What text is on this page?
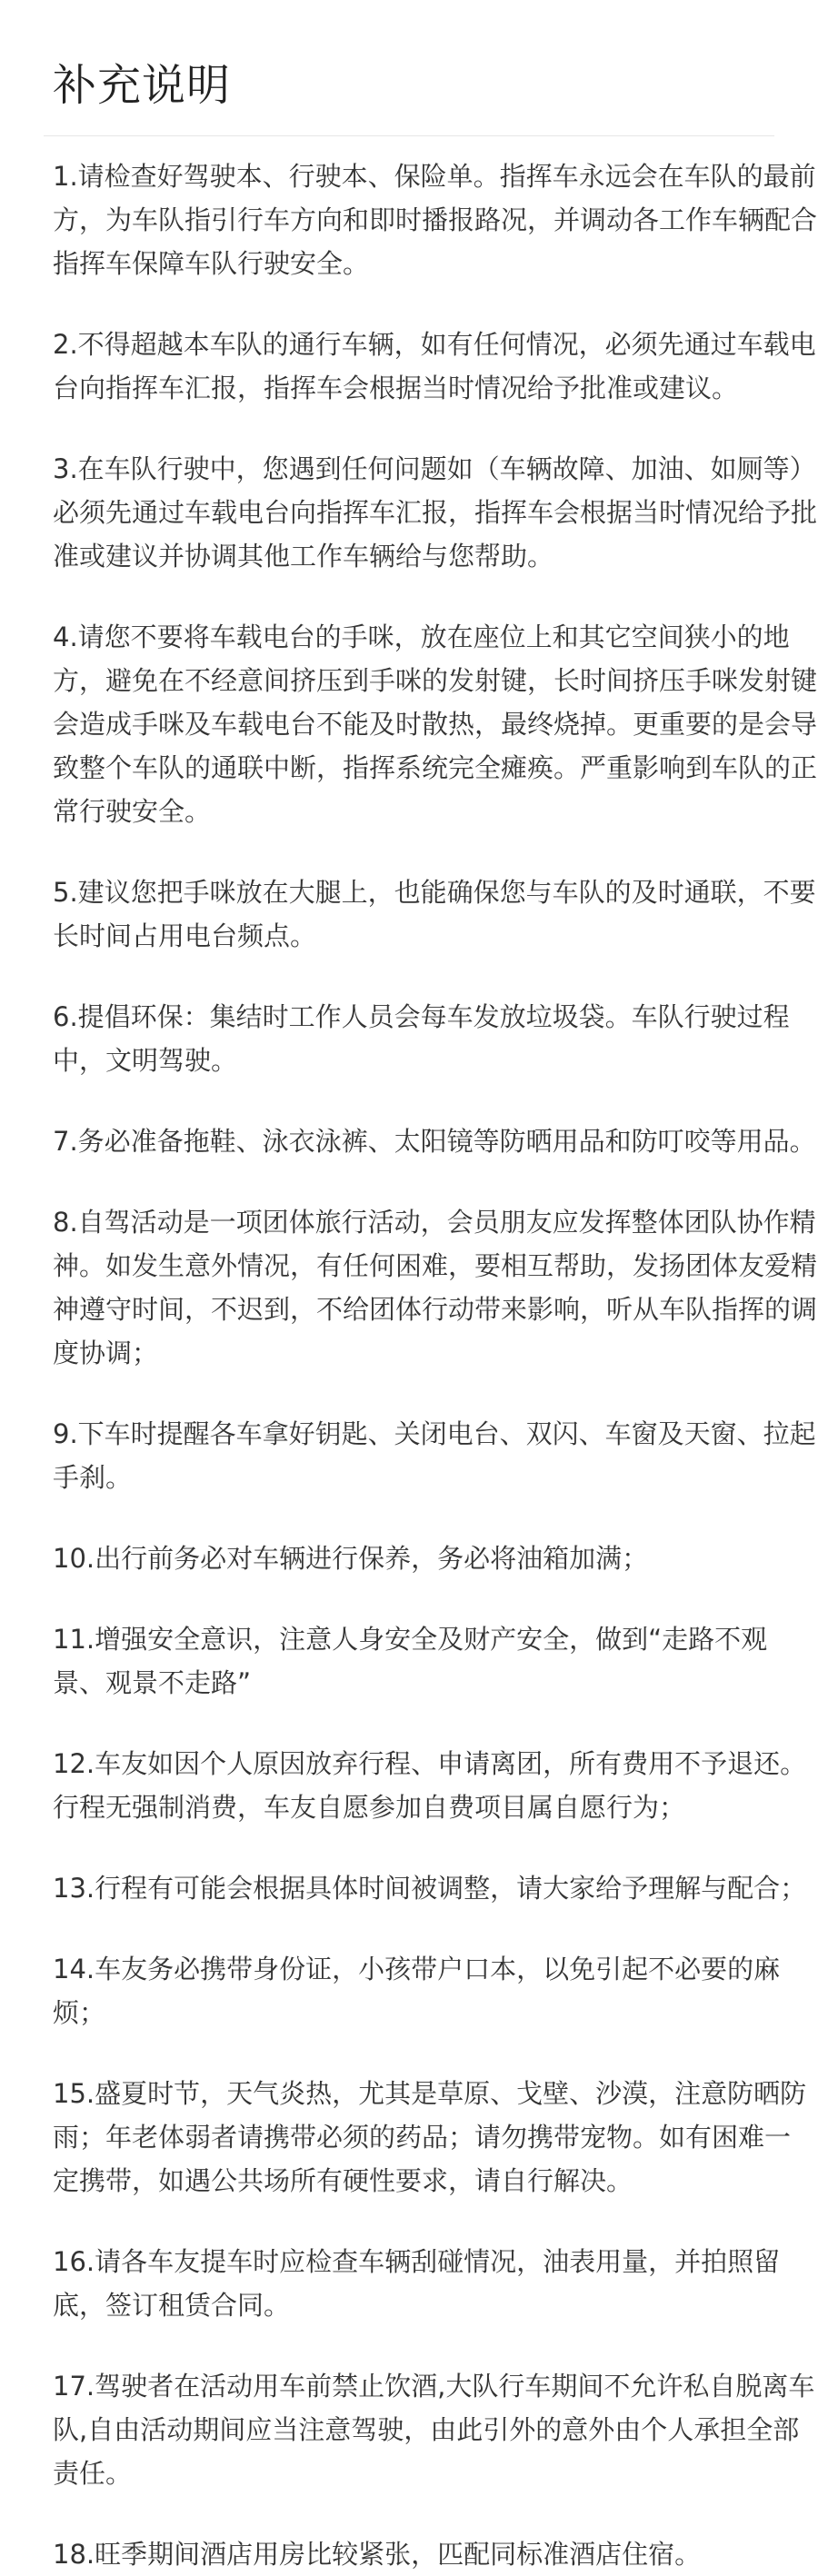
补充说明

1.请检查好驾驶本、行驶本、保险单。指挥车永远会在车队的最前
方，为车队指引行车方向和即时播报路况，并调动各工作车辆配合
指挥车保障车队行驶安全。

2.不得超越本车队的通行车辆，如有任何情况，必须先通过车载电
台向指挥车汇报，指挥车会根据当时情况给予批准或建议。

3.在车队行驶中，您遇到任何问题如（车辆故障、加油、如厕等）
必须先通过车载电台向指挥车汇报，指挥车会根据当时情况给予批
准或建议并协调其他工作车辆给与您帮助。

4.请您不要将车载电台的手咪，放在座位上和其它空间狭小的地
方，避免在不经意间挤压到手咪的发射键，长时间挤压手咪发射键
会造成手咪及车载电台不能及时散热，最终烧掉。更重要的是会导
致整个车队的通联中断，指挥系统完全瘫痪。严重影响到车队的正
常行驶安全。

5.建议您把手咪放在大腿上，也能确保您与车队的及时通联，不要
长时间占用电台频点。

6.提倡环保：集结时工作人员会每车发放垃圾袋。车队行驶过程
中，文明驾驶。

7.务必准备拖鞋、泳衣泳裤、太阳镜等防晒用品和防叮咬等用品。

8.自驾活动是一项团体旅行活动，会员朋友应发挥整体团队协作精
神。如发生意外情况，有任何困难，要相互帮助，发扬团体友爱精
神遵守时间，不迟到，不给团体行动带来影响，听从车队指挥的调
度协调；

9.下车时提醒各车拿好钥匙、关闭电台、双闪、车窗及天窗、拉起
手刹。

10.出行前务必对车辆进行保养，务必将油箱加满；

11.增强安全意识，注意人身安全及财产安全，做到“走路不观
景、观景不走路”

12.车友如因个人原因放弃行程、申请离团，所有费用不予退还。
行程无强制消费，车友自愿参加自费项目属自愿行为；

13.行程有可能会根据具体时间被调整，请大家给予理解与配合；

14.车友务必携带身份证，小孩带户口本，以免引起不必要的麻
烦；

15.盛夏时节，天气炎热，尤其是草原、戈壁、沙漠，注意防晒防
雨；年老体弱者请携带必须的药品；请勿携带宠物。如有困难一
定携带，如遇公共场所有硬性要求，请自行解决。

16.请各车友提车时应检查车辆刮碰情况，油表用量，并拍照留
底，签订租赁合同。

17.驾驶者在活动用车前禁止饮酒,大队行车期间不允许私自脱离车
队,自由活动期间应当注意驾驶，由此引外的意外由个人承担全部
责任。

18.旺季期间酒店用房比较紧张，匹配同标准酒店住宿。
